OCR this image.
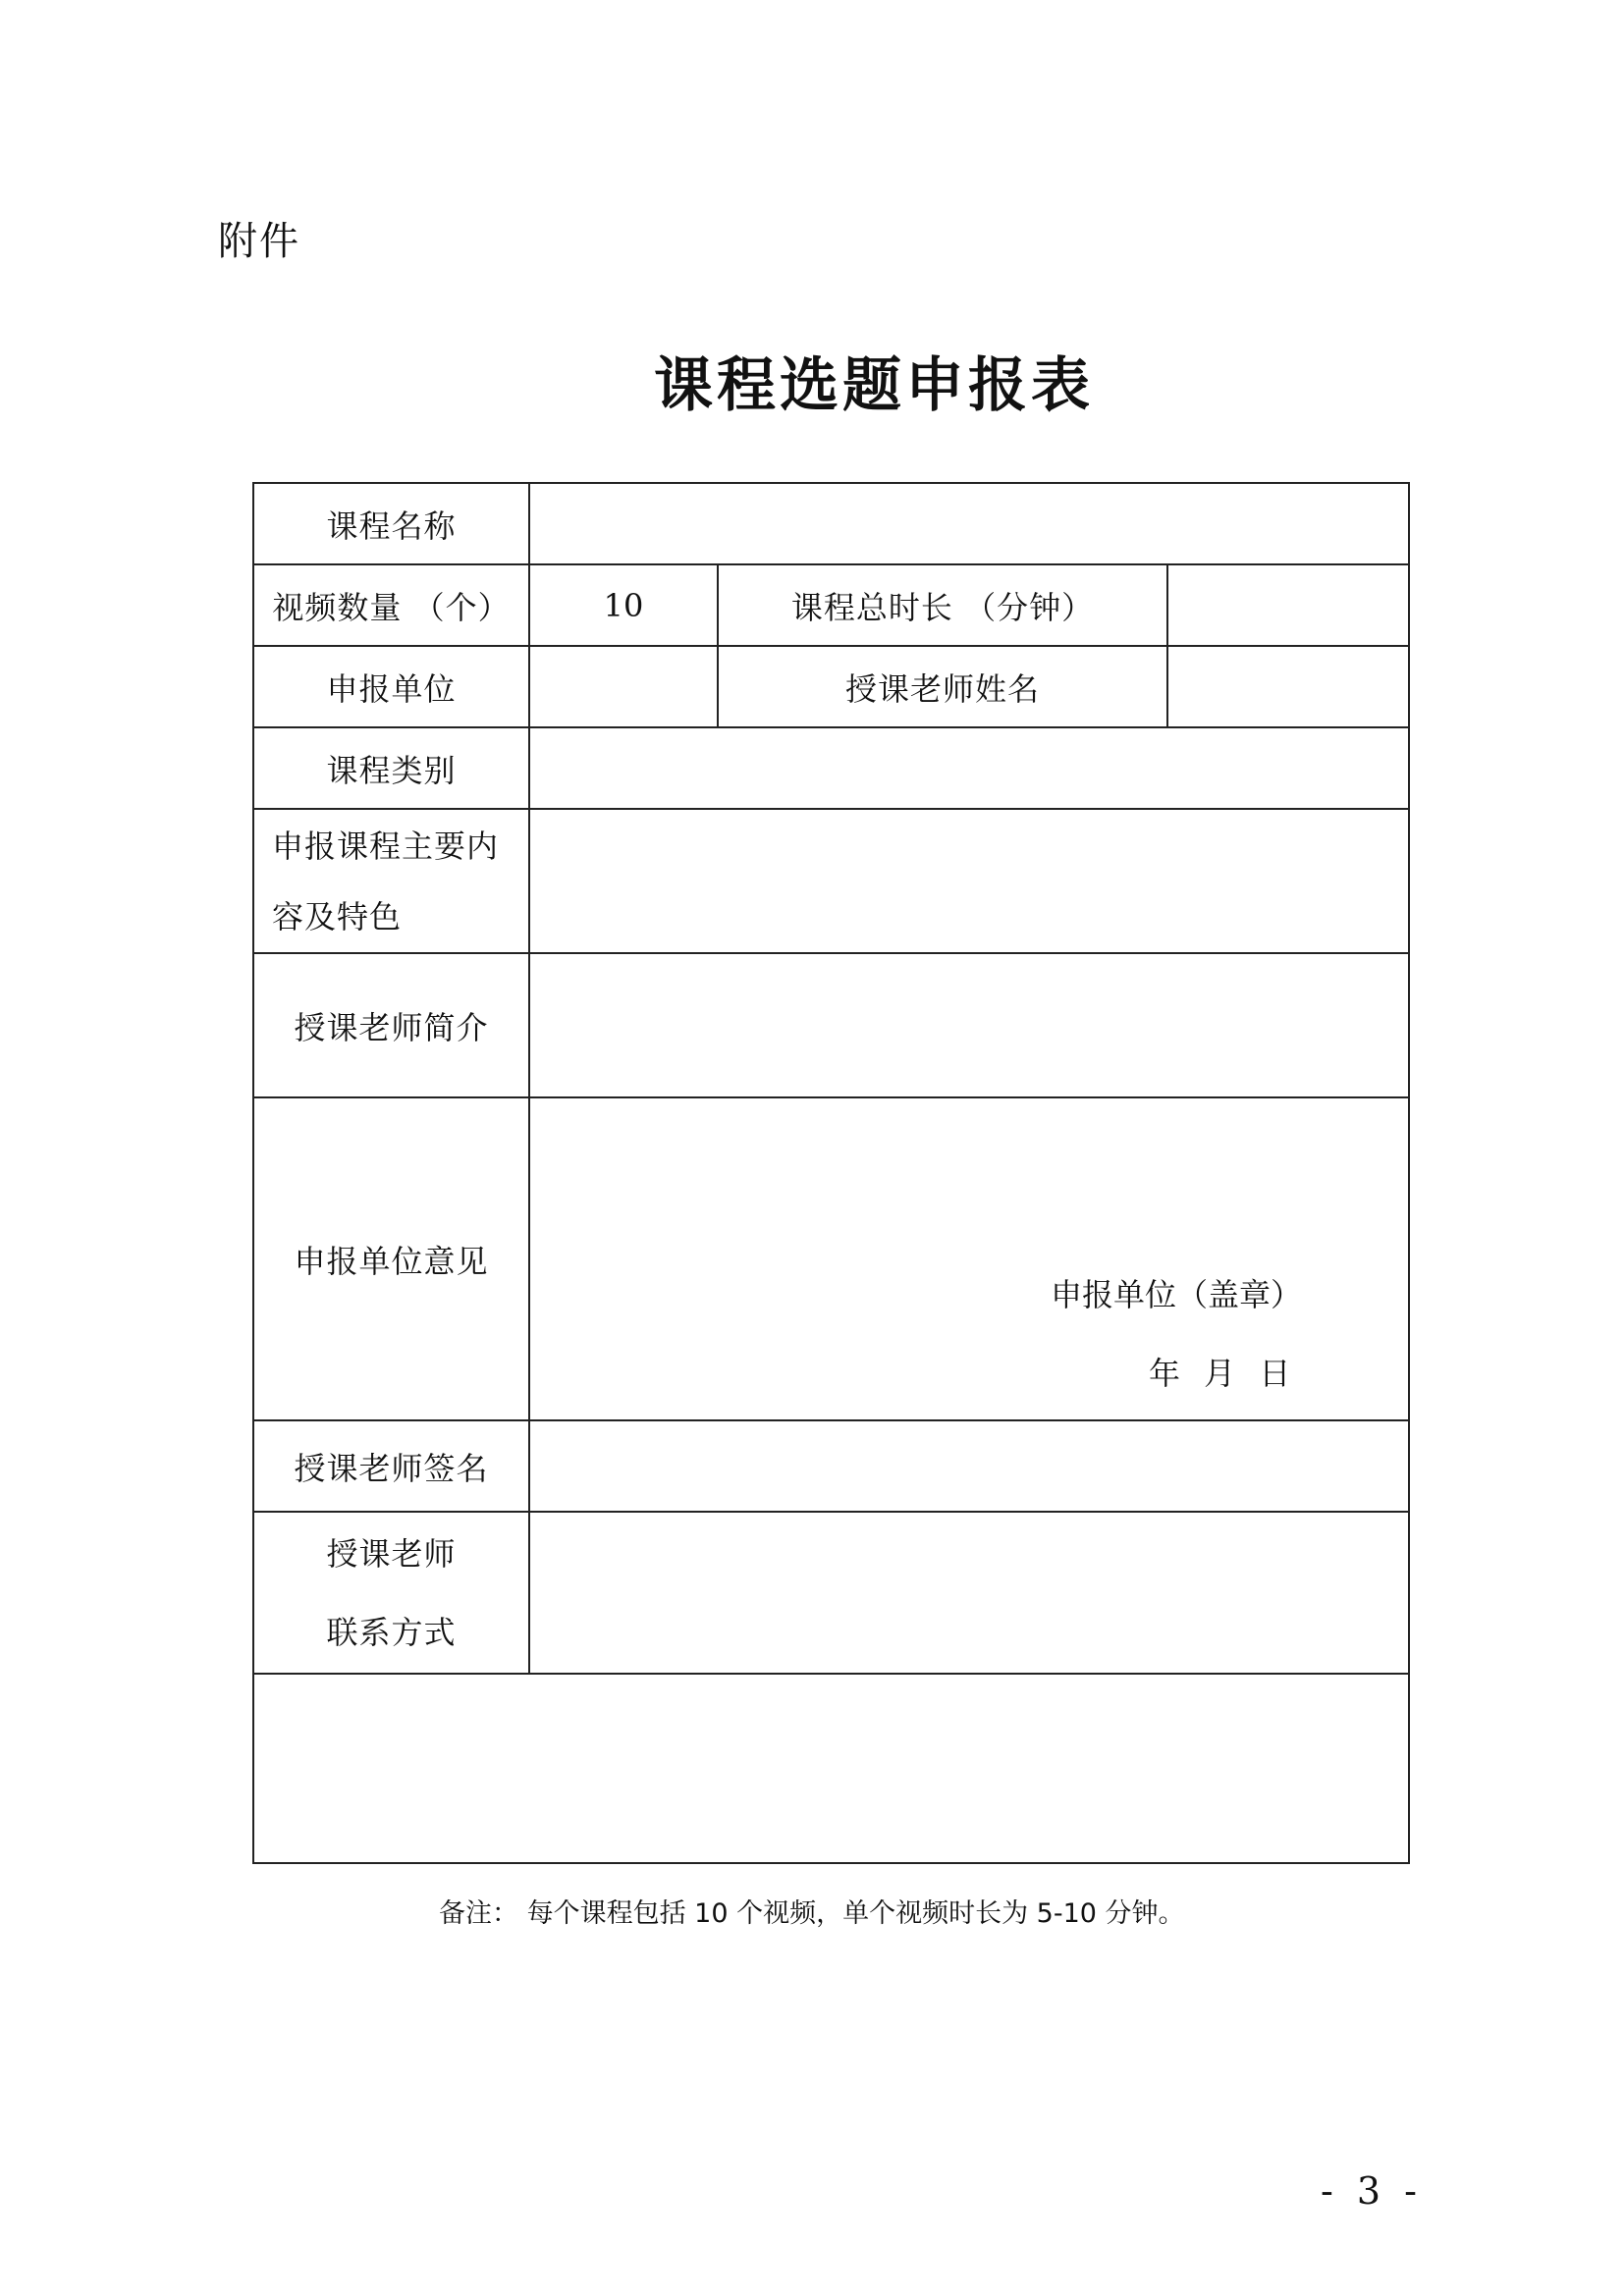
附件
课程选题申报表
课程名称			
视频数量 （个）	10	课程总时长 （分钟）	
申报单位		授课老师姓名	
课程类别			
申报课程主要内容及特色			
授课老师简介			
申报单位意见	申报单位（盖章）
年 月 日		

授课老师签名			

授课老师
联系方式			

备注： 每个课程包括 10 个视频，单个视频时长为 5-10 分钟。
- 3 -
